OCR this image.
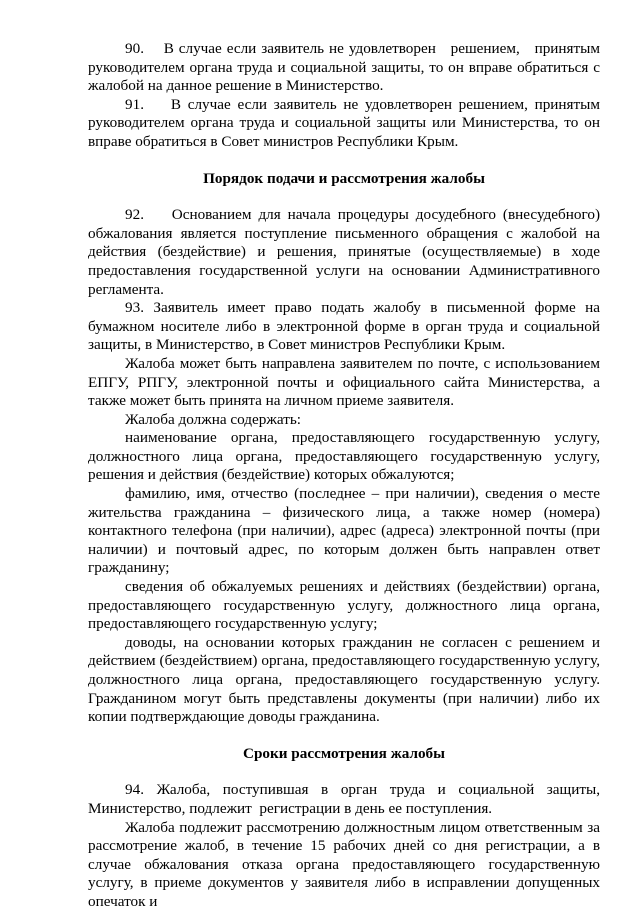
90.    В случае если заявитель не удовлетворен   решением,   принятым руководителем органа труда и социальной защиты, то он вправе обратиться с жалобой на данное решение в Министерство.

91.    В случае если заявитель не удовлетворен решением, принятым руководителем органа труда и социальной защиты или Министерства, то он вправе обратиться в Совет министров Республики Крым.

Порядок подачи и рассмотрения жалобы

92.    Основанием для начала процедуры досудебного (внесудебного) обжалования является поступление письменного обращения с жалобой на действия (бездействие) и решения, принятые (осуществляемые) в ходе предоставления государственной услуги на основании Административного регламента.

93. Заявитель имеет право подать жалобу в письменной форме на бумажном носителе либо в электронной форме в орган труда и социальной защиты, в Министерство, в Совет министров Республики Крым.

Жалоба может быть направлена заявителем по почте, с использованием ЕПГУ, РПГУ, электронной почты и официального сайта Министерства, а также может быть принята на личном приеме заявителя.

Жалоба должна содержать:

наименование органа, предоставляющего государственную услугу, должностного лица органа, предоставляющего государственную услугу, решения и действия (бездействие) которых обжалуются;

фамилию, имя, отчество (последнее – при наличии), сведения о месте жительства гражданина – физического лица, а также номер (номера) контактного телефона (при наличии), адрес (адреса) электронной почты (при наличии) и почтовый адрес, по которым должен быть направлен ответ гражданину;

сведения об обжалуемых решениях и действиях (бездействии) органа, предоставляющего государственную услугу, должностного лица органа, предоставляющего государственную услугу;

доводы, на основании которых гражданин не согласен с решением и действием (бездействием) органа, предоставляющего государственную услугу, должностного лица органа, предоставляющего государственную услугу. Гражданином могут быть представлены документы (при наличии) либо их копии подтверждающие доводы гражданина.

Сроки рассмотрения жалобы

94. Жалоба, поступившая в орган труда и социальной защиты, Министерство, подлежит  регистрации в день ее поступления.

Жалоба подлежит рассмотрению должностным лицом ответственным за рассмотрение жалоб, в течение 15 рабочих дней со дня регистрации, а в случае обжалования отказа органа предоставляющего государственную услугу, в приеме документов у заявителя либо в исправлении допущенных опечаток и
